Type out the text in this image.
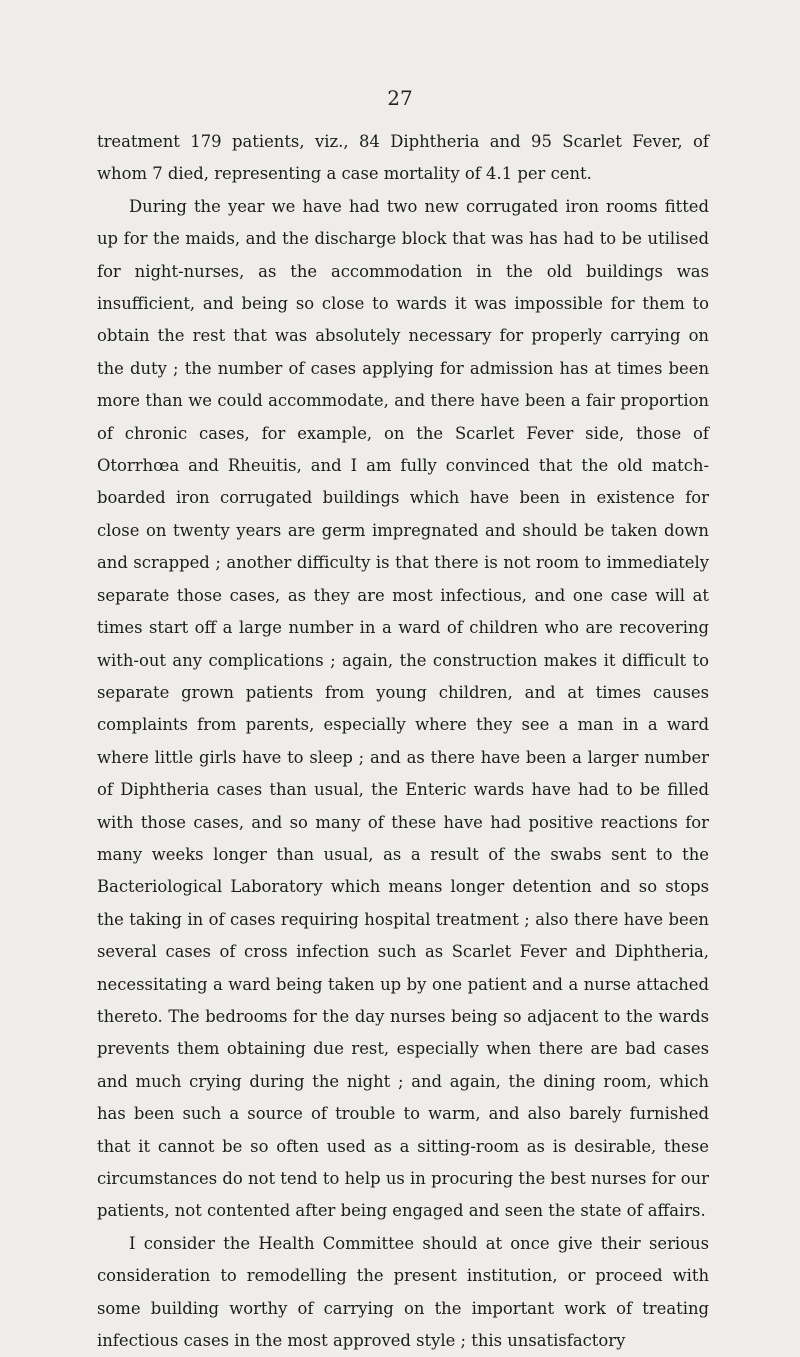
27

treatment 179 patients, viz., 84 Diphtheria and 95 Scarlet Fever, of whom 7 died, representing a case mortality of 4.1 per cent.

During the year we have had two new corrugated iron rooms fitted up for the maids, and the discharge block that was has had to be utilised for night-nurses, as the accommodation in the old buildings was insufficient, and being so close to wards it was impossible for them to obtain the rest that was absolutely necessary for properly carrying on the duty ; the number of cases applying for admission has at times been more than we could accommodate, and there have been a fair proportion of chronic cases, for example, on the Scarlet Fever side, those of Otorrhœa and Rheuitis, and I am fully convinced that the old match-boarded iron corrugated buildings which have been in existence for close on twenty years are germ impregnated and should be taken down and scrapped ; another difficulty is that there is not room to immediately separate those cases, as they are most infectious, and one case will at times start off a large number in a ward of children who are recovering with-out any complications ; again, the construction makes it difficult to separate grown patients from young children, and at times causes complaints from parents, especially where they see a man in a ward where little girls have to sleep ; and as there have been a larger number of Diphtheria cases than usual, the Enteric wards have had to be filled with those cases, and so many of these have had positive reactions for many weeks longer than usual, as a result of the swabs sent to the Bacteriological Laboratory which means longer detention and so stops the taking in of cases requiring hospital treatment ; also there have been several cases of cross infection such as Scarlet Fever and Diphtheria, necessitating a ward being taken up by one patient and a nurse attached thereto. The bedrooms for the day nurses being so adjacent to the wards prevents them obtaining due rest, especially when there are bad cases and much crying during the night ; and again, the dining room, which has been such a source of trouble to warm, and also barely furnished that it cannot be so often used as a sitting-room as is desirable, these circumstances do not tend to help us in procuring the best nurses for our patients, not contented after being engaged and seen the state of affairs.

I consider the Health Committee should at once give their serious consideration to remodelling the present institution, or proceed with some building worthy of carrying on the important work of treating infectious cases in the most approved style ; this unsatisfactory
